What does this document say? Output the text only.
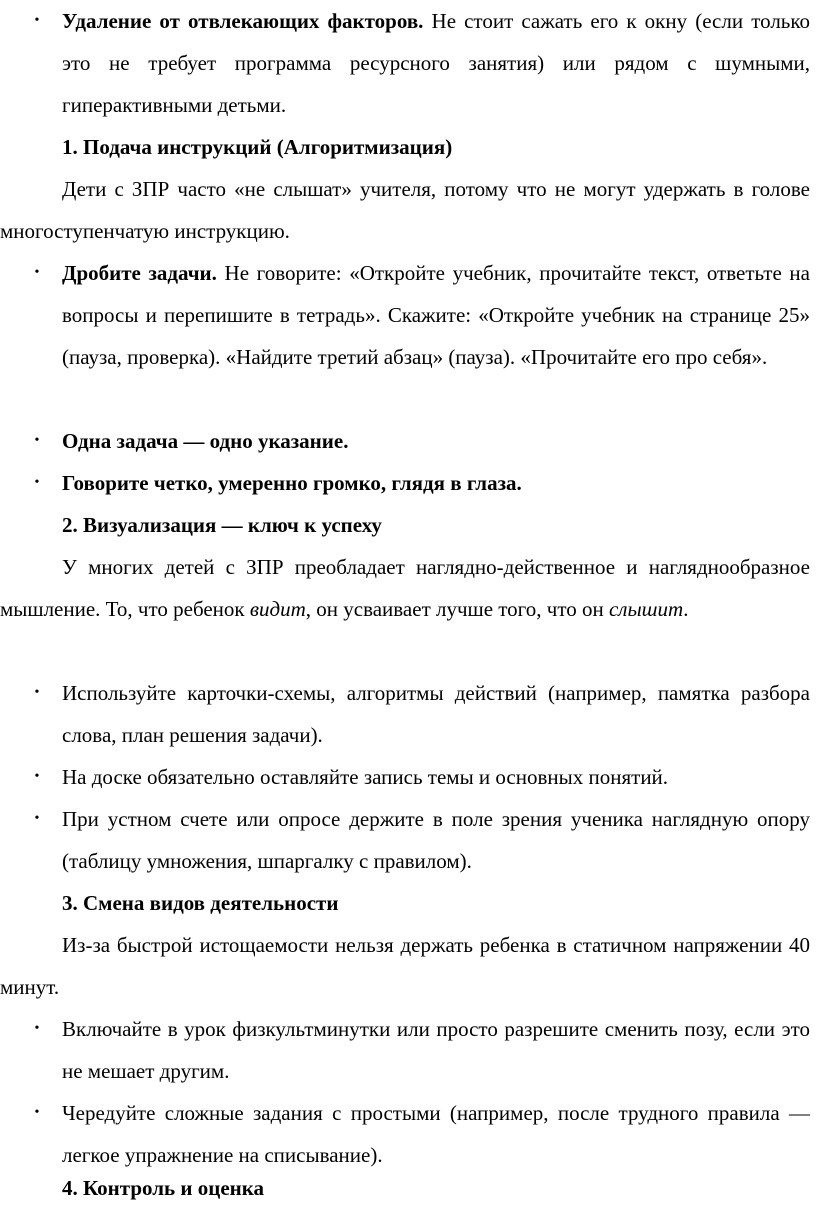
• Удаление от отвлекающих факторов. Не стоит сажать его к окну (если только это не требует программа ресурсного занятия) или рядом с шумными, гиперактивными детьми.
1. Подача инструкций (Алгоритмизация)
Дети с ЗПР часто «не слышат» учителя, потому что не могут удержать в голове многоступенчатую инструкцию.
• Дробите задачи. Не говорите: «Откройте учебник, прочитайте текст, ответьте на вопросы и перепишите в тетрадь». Скажите: «Откройте учебник на странице 25» (пауза, проверка). «Найдите третий абзац» (пауза). «Прочитайте его про себя».
• Одна задача — одно указание.
• Говорите четко, умеренно громко, глядя в глаза.
2. Визуализация — ключ к успеху
У многих детей с ЗПР преобладает наглядно-действенное и нагляднообразное мышление. То, что ребенок видит, он усваивает лучше того, что он слышит.
• Используйте карточки-схемы, алгоритмы действий (например, памятка разбора слова, план решения задачи).
• На доске обязательно оставляйте запись темы и основных понятий.
• При устном счете или опросе держите в поле зрения ученика наглядную опору (таблицу умножения, шпаргалку с правилом).
3. Смена видов деятельности
Из-за быстрой истощаемости нельзя держать ребенка в статичном напряжении 40 минут.
• Включайте в урок физкультминутки или просто разрешите сменить позу, если это не мешает другим.
• Чередуйте сложные задания с простыми (например, после трудного правила — легкое упражнение на списывание).
4. Контроль и оценка
